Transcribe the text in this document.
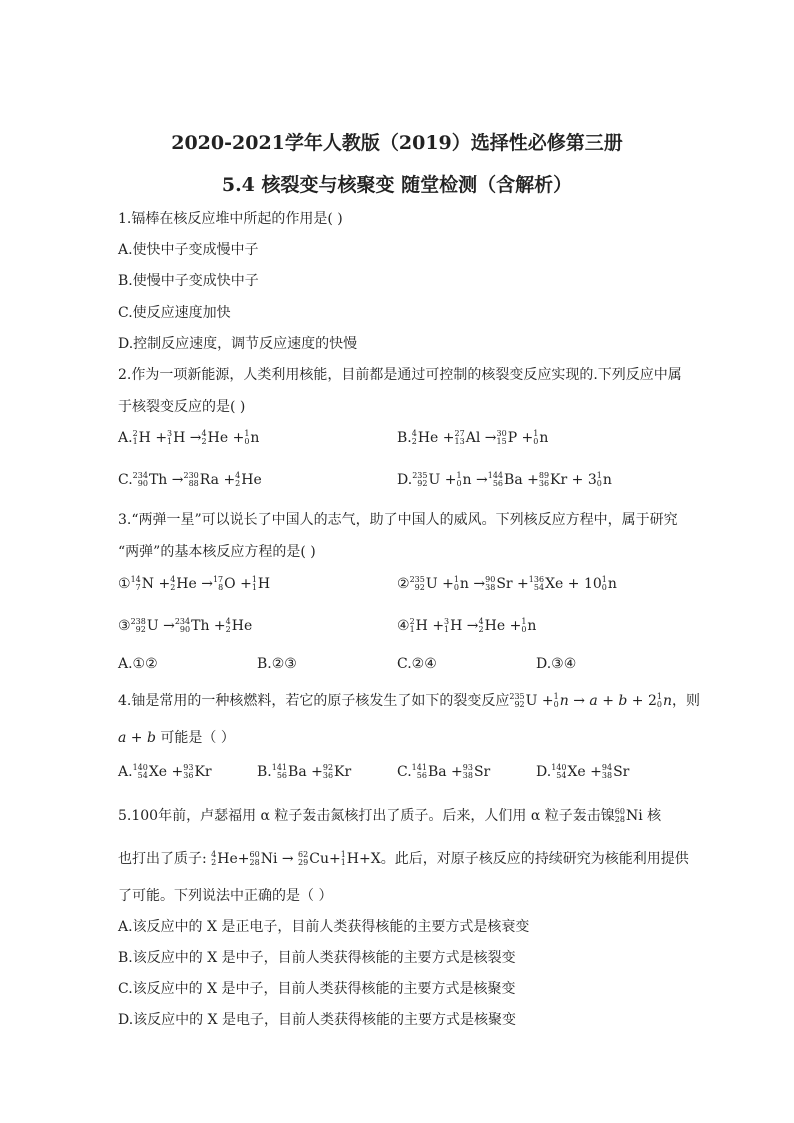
2020-2021学年人教版（2019）选择性必修第三册
5.4 核裂变与核聚变 随堂检测（含解析）
1.镉棒在核反应堆中所起的作用是( )
A.使快中子变成慢中子
B.使慢中子变成快中子
C.使反应速度加快
D.控制反应速度，调节反应速度的快慢
2.作为一项新能源，人类利用核能，目前都是通过可控制的核裂变反应实现的.下列反应中属
于核裂变反应的是( )
A. 2
1 H + 3
1 H → 4
2 He + 1
0 n	B. 4
2 He + 27
13 Al → 30
15 P + 1
0 n
C. 234
90 Th → 230
88 Ra + 4
2 He	D. 235
92 U + 1
0 n → 144
56 Ba + 89
36 Kr + 3 1
0 n
3.“两弹一星”可以说长了中国人的志气，助了中国人的威风。下列核反应方程中，属于研究
“两弹”的基本核反应方程的是( )
① 14
7 N + 4
2 He → 17
8 O + 1
1 H	② 235
92 U + 1
0 n → 90
38 Sr + 136
54 Xe + 10 1
0 n
③ 238
92 U → 234
90 Th + 4
2 He	④ 2
1 H + 3
1 H → 4
2 He + 1
0 n
A.①②	B.②③	C.②④	D.③④
4.铀是常用的一种核燃料，若它的原子核发生了如下的裂变反应 235
92 U + 1
0 n → a + b + 2 1
0 n，则
a + b 可能是（ ）
A. 140
54 Xe + 93
36 Kr	B. 141
56 Ba + 92
36 Kr	C. 141
56 Ba + 93
38 Sr	D. 140
54 Xe + 94
38 Sr
5.100年前，卢瑟福用 α 粒子轰击氮核打出了质子。后来，人们用 α 粒子轰击镍 60
28 Ni 核
也打出了质子: 4
2 He+ 60
28 Ni → 62
29 Cu+ 1
1 H+X。此后，对原子核反应的持续研究为核能利用提供
了可能。下列说法中正确的是（ ）
A.该反应中的 X 是正电子，目前人类获得核能的主要方式是核衰变
B.该反应中的 X 是中子，目前人类获得核能的主要方式是核裂变
C.该反应中的 X 是中子，目前人类获得核能的主要方式是核聚变
D.该反应中的 X 是电子，目前人类获得核能的主要方式是核聚变
